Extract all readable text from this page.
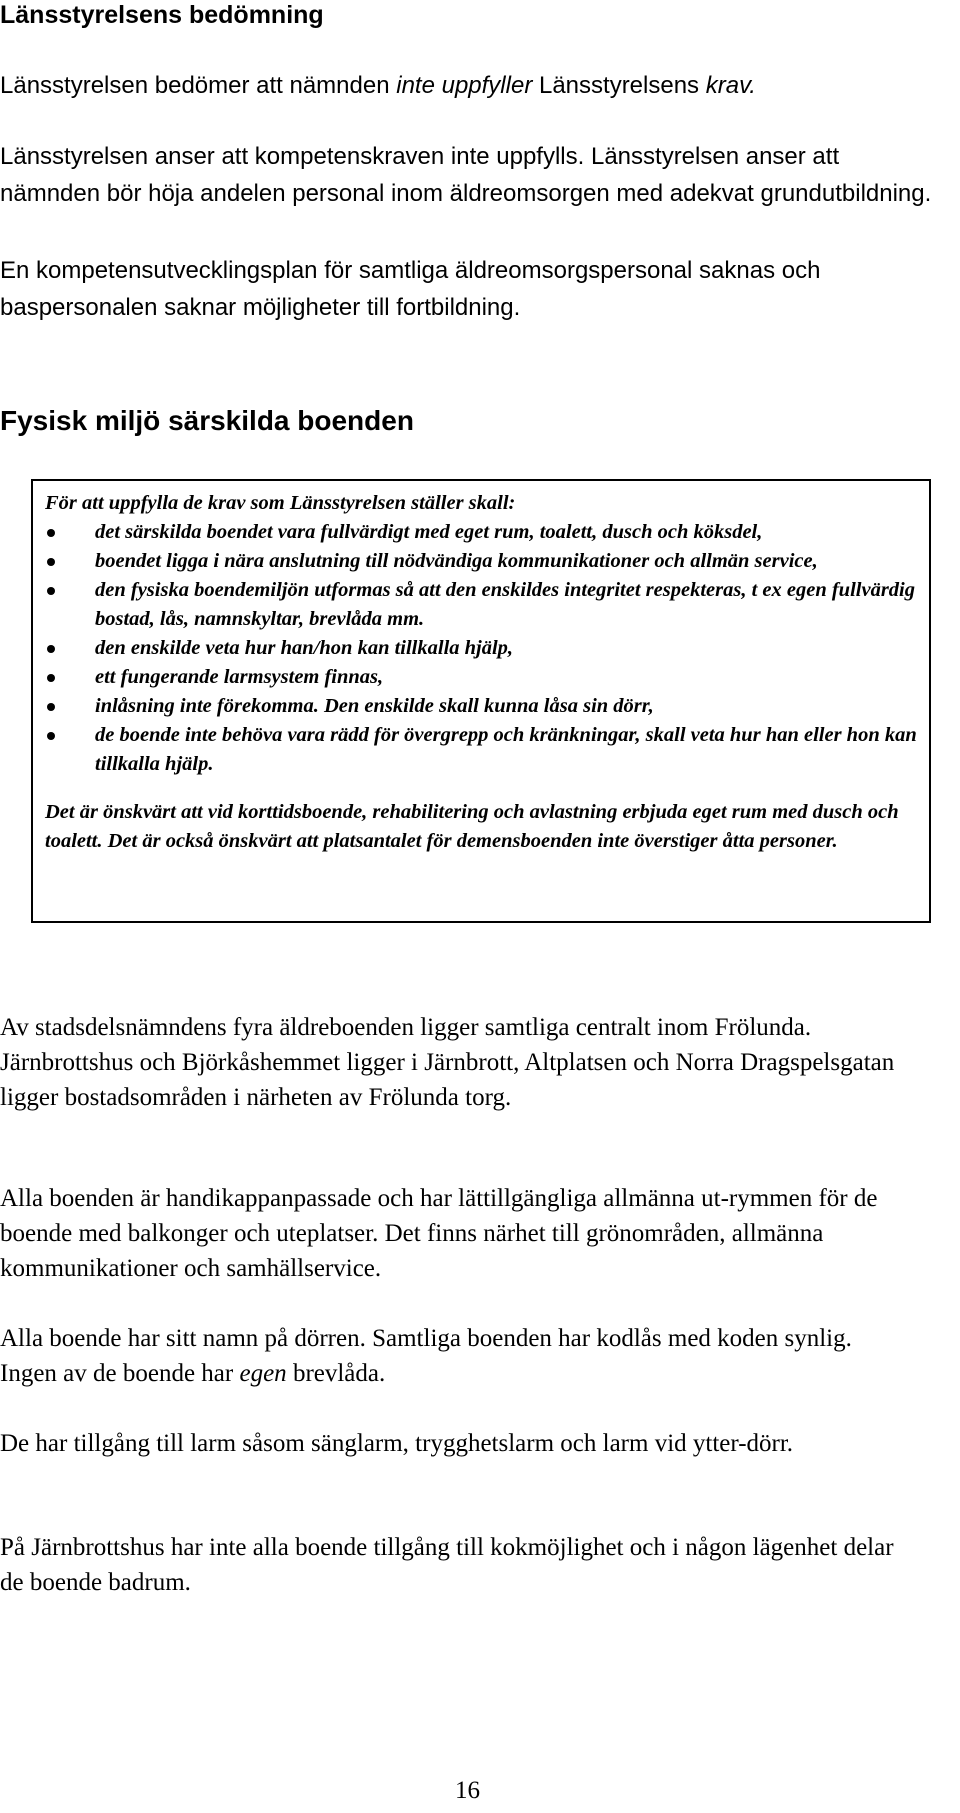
Länsstyrelsens bedömning

Länsstyrelsen bedömer att nämnden inte uppfyller Länsstyrelsens krav.

Länsstyrelsen anser att kompetenskraven inte uppfylls. Länsstyrelsen anser att nämnden bör höja andelen personal inom äldreomsorgen med adekvat grundutbildning.

En kompetensutvecklingsplan för samtliga äldreomsorgspersonal saknas och baspersonalen saknar möjligheter till fortbildning.

Fysisk miljö särskilda boenden
För att uppfylla de krav som Länsstyrelsen ställer skall:
det särskilda boendet vara fullvärdigt med eget rum, toalett, dusch och köksdel,
boendet ligga i nära anslutning till nödvändiga kommunikationer och allmän service,
den fysiska boendemiljön utformas så att den enskildes integritet respekteras, t ex egen fullvärdig bostad, lås, namnskyltar, brevlåda mm.
den enskilde veta hur han/hon kan tillkalla hjälp,
ett fungerande larmsystem finnas,
inlåsning inte förekomma. Den enskilde skall kunna låsa sin dörr,
de boende inte behöva vara rädd för övergrepp och kränkningar, skall veta hur han eller hon kan tillkalla hjälp.
Det är önskvärt att vid korttidsboende, rehabilitering och avlastning erbjuda eget rum med dusch och toalett. Det är också önskvärt att platsantalet för demensboenden inte överstiger åtta personer.

Av stadsdelsnämndens fyra äldreboenden ligger samtliga centralt inom Frölunda. Järnbrottshus och Björkåshemmet ligger i Järnbrott, Altplatsen och Norra Dragspelsgatan ligger bostadsområden i närheten av Frölunda torg.

Alla boenden är handikappanpassade och har lättillgängliga allmänna ut-rymmen för de boende med balkonger och uteplatser. Det finns närhet till grönområden, allmänna kommunikationer och samhällservice.

Alla boende har sitt namn på dörren. Samtliga boenden har kodlås med koden synlig. Ingen av de boende har egen brevlåda.

De har tillgång till larm såsom sänglarm, trygghetslarm och larm vid ytter-dörr.

På Järnbrottshus har inte alla boende tillgång till kokmöjlighet och i någon lägenhet delar de boende badrum.

16
